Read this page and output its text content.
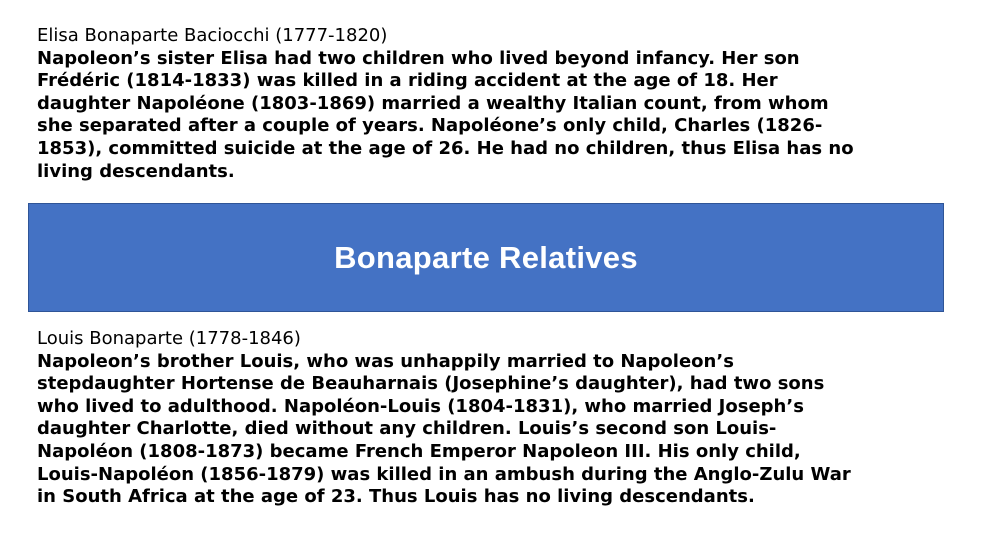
Elisa Bonaparte Baciocchi (1777-1820)
Napoleon’s sister Elisa had two children who lived beyond infancy. Her son
Frédéric (1814-1833) was killed in a riding accident at the age of 18. Her
daughter Napoléone (1803-1869) married a wealthy Italian count, from whom
she separated after a couple of years. Napoléone’s only child, Charles (1826-
1853), committed suicide at the age of 26. He had no children, thus Elisa has no
living descendants.
Bonaparte Relatives
Louis Bonaparte (1778-1846)
Napoleon’s brother Louis, who was unhappily married to Napoleon’s
stepdaughter Hortense de Beauharnais (Josephine’s daughter), had two sons
who lived to adulthood. Napoléon-Louis (1804-1831), who married Joseph’s
daughter Charlotte, died without any children. Louis’s second son Louis-
Napoléon (1808-1873) became French Emperor Napoleon III. His only child,
Louis-Napoléon (1856-1879) was killed in an ambush during the Anglo-Zulu War
in South Africa at the age of 23. Thus Louis has no living descendants.
